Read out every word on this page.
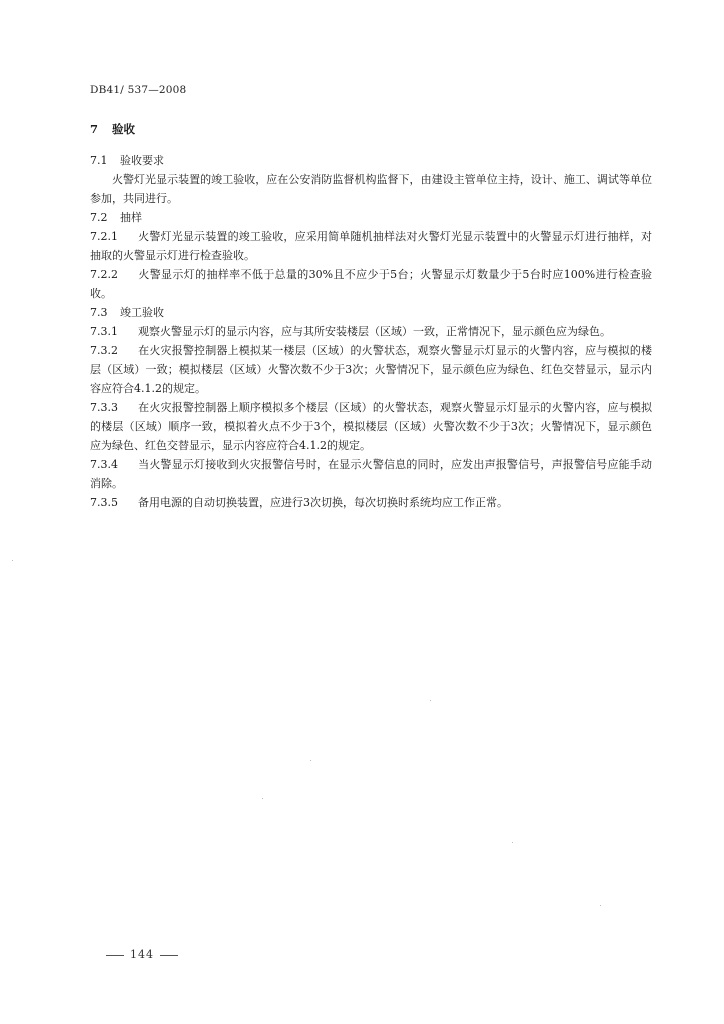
DB41/ 537—2008

7 验收

7.1 验收要求

火警灯光显示装置的竣工验收，应在公安消防监督机构监督下，由建设主管单位主持，设计、施工、调试等单位参加，共同进行。

7.2 抽样

7.2.1 火警灯光显示装置的竣工验收，应采用简单随机抽样法对火警灯光显示装置中的火警显示灯进行抽样，对抽取的火警显示灯进行检查验收。

7.2.2 火警显示灯的抽样率不低于总量的30%且不应少于5台；火警显示灯数量少于5台时应100%进行检查验收。

7.3 竣工验收

7.3.1 观察火警显示灯的显示内容，应与其所安装楼层（区域）一致，正常情况下，显示颜色应为绿色。

7.3.2 在火灾报警控制器上模拟某一楼层（区域）的火警状态，观察火警显示灯显示的火警内容，应与模拟的楼层（区域）一致；模拟楼层（区域）火警次数不少于3次；火警情况下，显示颜色应为绿色、红色交替显示，显示内容应符合4.1.2的规定。

7.3.3 在火灾报警控制器上顺序模拟多个楼层（区域）的火警状态，观察火警显示灯显示的火警内容，应与模拟的楼层（区域）顺序一致，模拟着火点不少于3个，模拟楼层（区域）火警次数不少于3次；火警情况下，显示颜色应为绿色、红色交替显示，显示内容应符合4.1.2的规定。

7.3.4 当火警显示灯接收到火灾报警信号时，在显示火警信息的同时，应发出声报警信号，声报警信号应能手动消除。

7.3.5 备用电源的自动切换装置，应进行3次切换，每次切换时系统均应工作正常。

144
